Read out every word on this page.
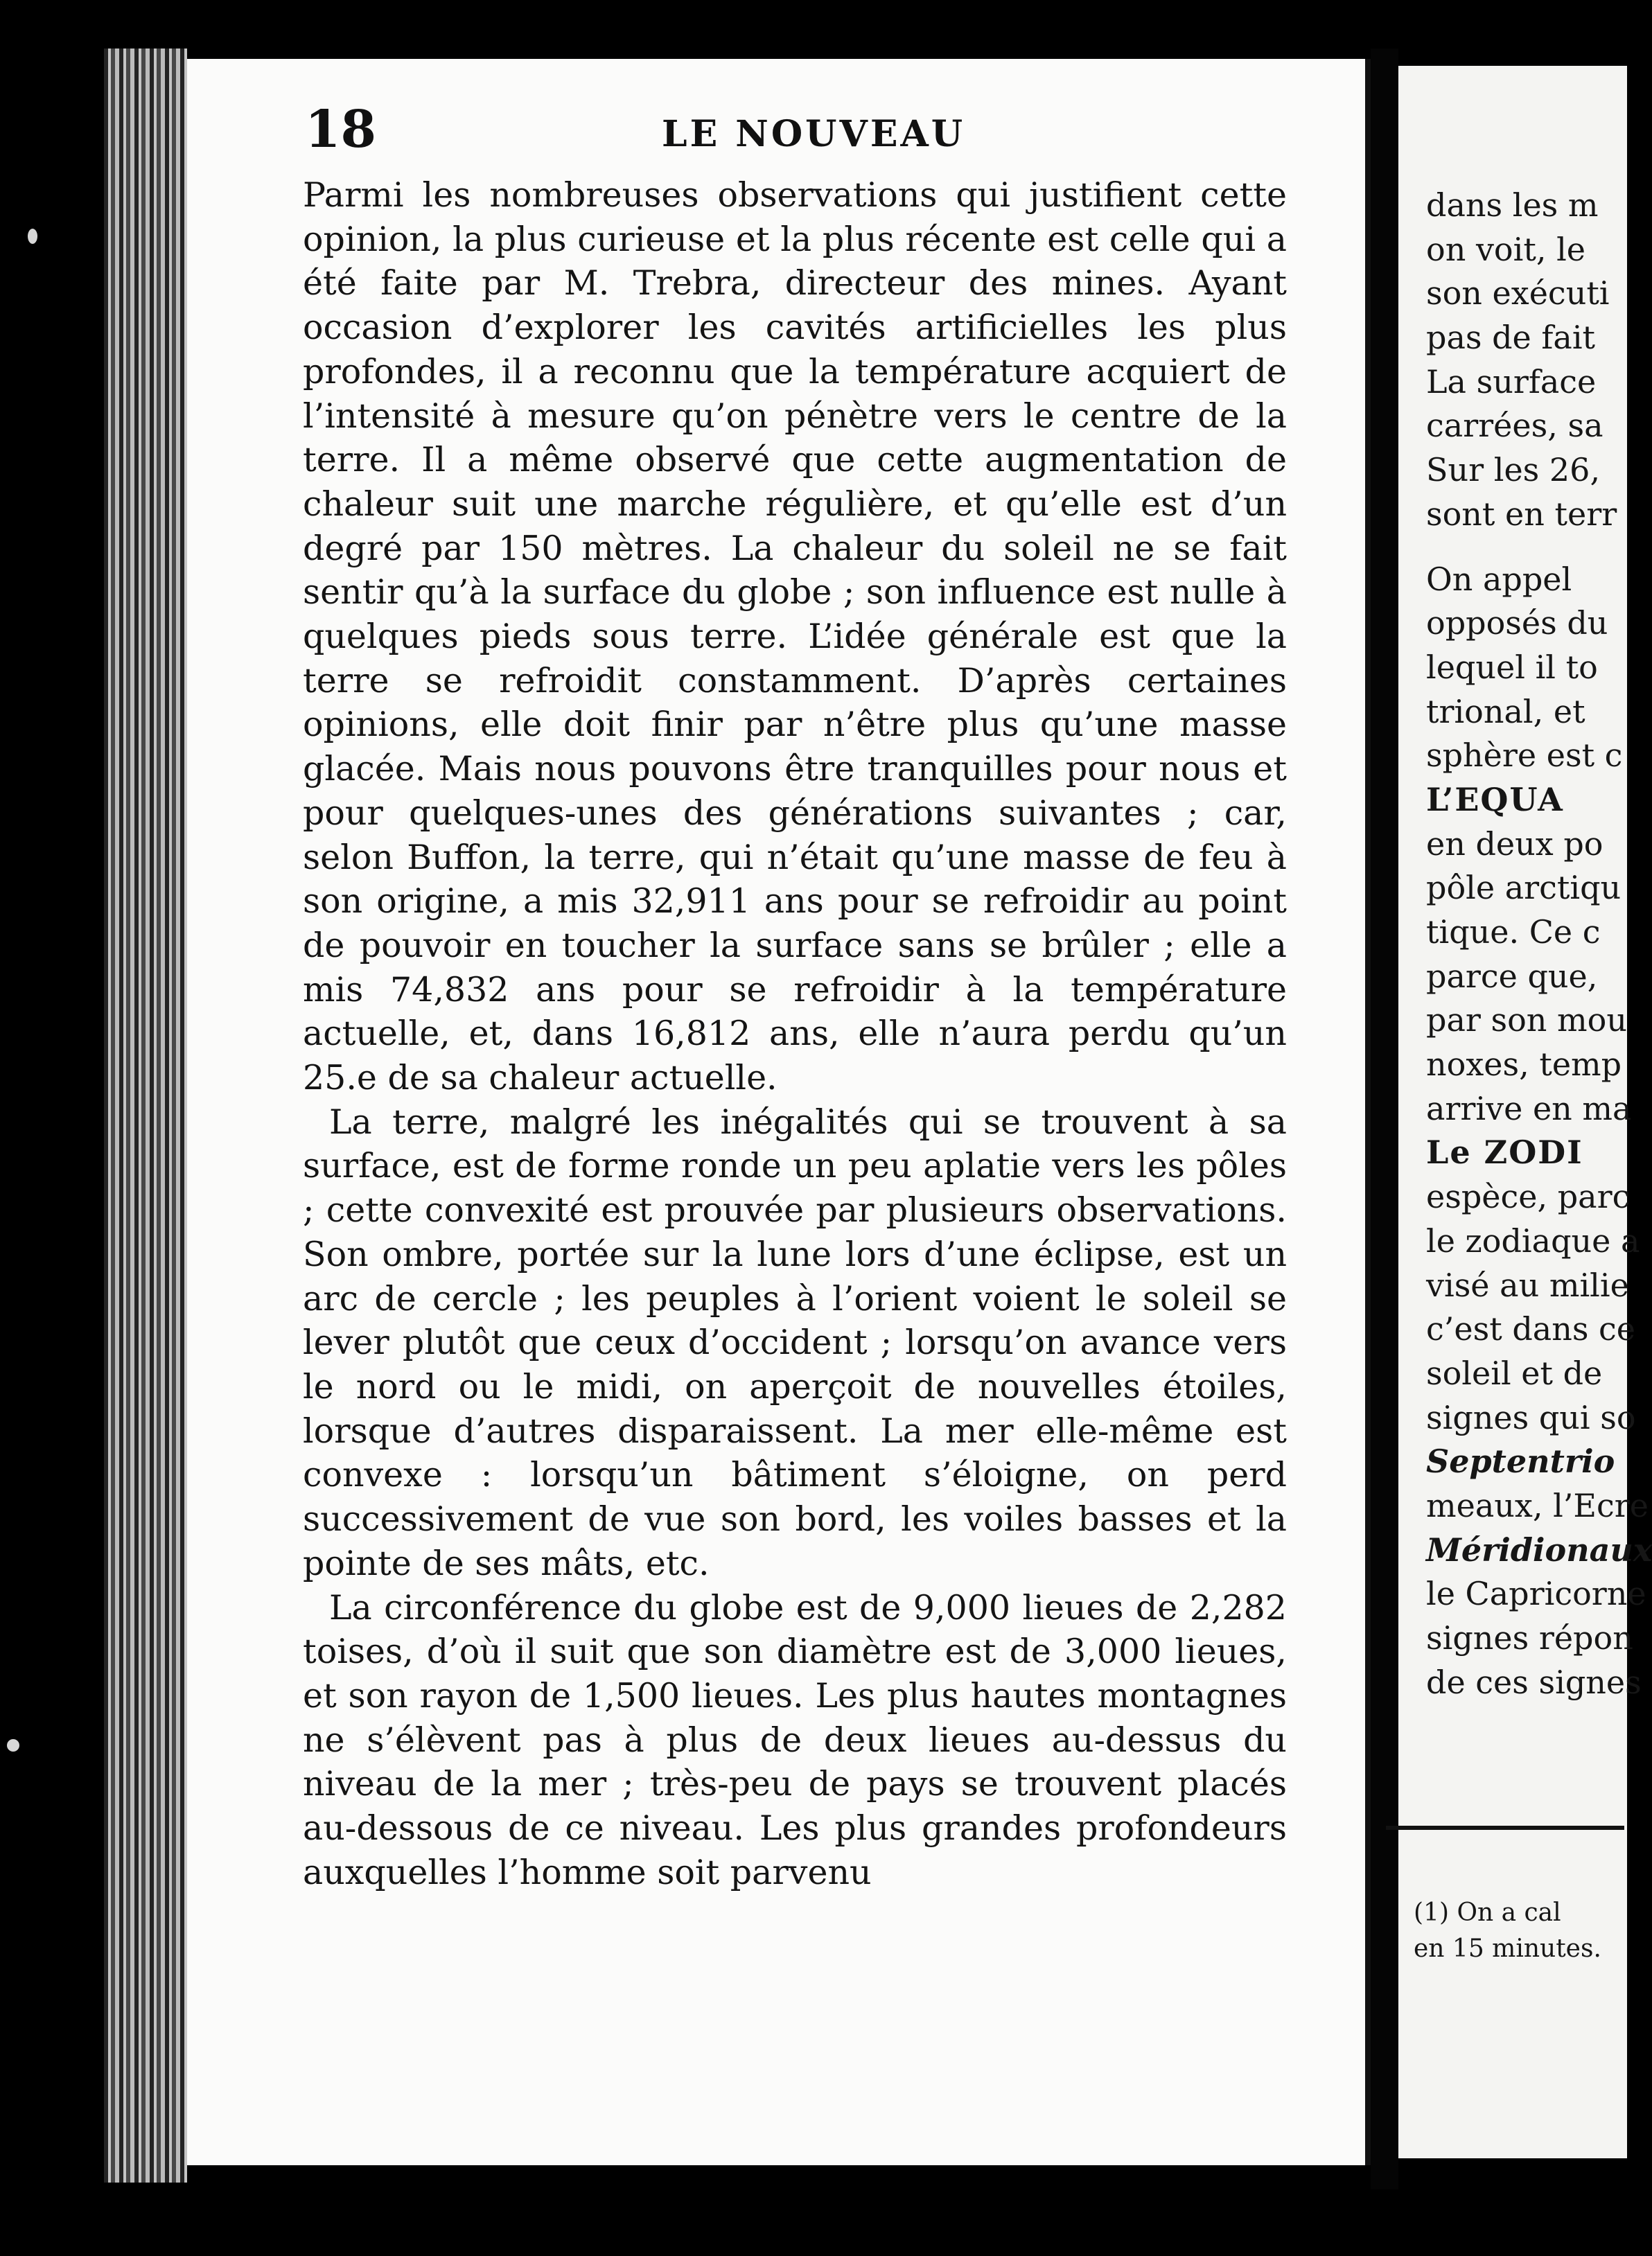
18	LE NOUVEAU

Parmi les nombreuses observations qui justifient cette opinion, la plus curieuse et la plus récente est celle qui a été faite par M. Trebra, directeur des mines. Ayant occasion d’explorer les cavités artificielles les plus profondes, il a reconnu que la température acquiert de l’intensité à mesure qu’on pénètre vers le centre de la terre. Il a même observé que cette augmentation de chaleur suit une marche régulière, et qu’elle est d’un degré par 150 mètres. La chaleur du soleil ne se fait sentir qu’à la surface du globe ; son influence est nulle à quelques pieds sous terre. L’idée générale est que la terre se refroidit constamment. D’après certaines opinions, elle doit finir par n’être plus qu’une masse glacée. Mais nous pouvons être tranquilles pour nous et pour quelques-unes des générations suivantes ; car, selon Buffon, la terre, qui n’était qu’une masse de feu à son origine, a mis 32,911 ans pour se refroidir au point de pouvoir en toucher la surface sans se brûler ; elle a mis 74,832 ans pour se refroidir à la température actuelle, et, dans 16,812 ans, elle n’aura perdu qu’un 25.e de sa chaleur actuelle.

La terre, malgré les inégalités qui se trouvent à sa surface, est de forme ronde un peu aplatie vers les pôles ; cette convexité est prouvée par plusieurs observations. Son ombre, portée sur la lune lors d’une éclipse, est un arc de cercle ; les peuples à l’orient voient le soleil se lever plutôt que ceux d’occident ; lorsqu’on avance vers le nord ou le midi, on aperçoit de nouvelles étoiles, lorsque d’autres disparaissent. La mer elle-même est convexe : lorsqu’un bâtiment s’éloigne, on perd successivement de vue son bord, les voiles basses et la pointe de ses mâts, etc.

La circonférence du globe est de 9,000 lieues de 2,282 toises, d’où il suit que son diamètre est de 3,000 lieues, et son rayon de 1,500 lieues. Les plus hautes montagnes ne s’élèvent pas à plus de deux lieues au-dessus du niveau de la mer ; très-peu de pays se trouvent placés au-dessous de ce niveau. Les plus grandes profondeurs auxquelles l’homme soit parvenu

dans les m
on voit, le
son exécuti
pas de fait
La surface
carrées, sa
Sur les 26,
sont en terr
On appel
opposés du
lequel il to
trional, et
sphère est c
L’EQUA
en deux po
pôle arctiqu
tique. Ce c
parce que,
par son mou
noxes, temp
arrive en ma
Le ZODI
espèce, parc
le zodiaque a
visé au milie
c’est dans ce
soleil et de
signes qui so
Septentrio
meaux, l’Ecre
Méridionaux
le Capricorne
signes répon
de ces signes
(1) On a cal
en 15 minutes.
